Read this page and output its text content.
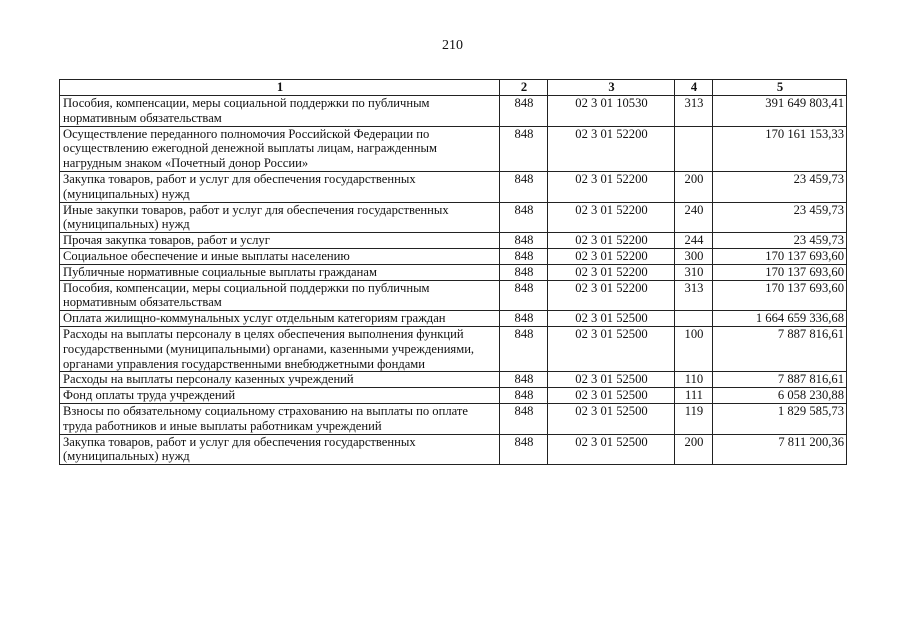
210
1	2	3	4	5
Пособия, компенсации, меры социальной поддержки по публичным нормативным обязательствам	848	02 3 01 10530	313	391 649 803,41
Осуществление переданного полномочия Российской Федерации по осуществлению ежегодной денежной выплаты лицам, награжденным нагрудным знаком «Почетный донор России»	848	02 3 01 52200		170 161 153,33
Закупка товаров, работ и услуг для обеспечения государственных (муниципальных) нужд	848	02 3 01 52200	200	23 459,73
Иные закупки товаров, работ и услуг для обеспечения государственных (муниципальных) нужд	848	02 3 01 52200	240	23 459,73
Прочая закупка товаров, работ и услуг	848	02 3 01 52200	244	23 459,73
Социальное обеспечение и иные выплаты населению	848	02 3 01 52200	300	170 137 693,60
Публичные нормативные социальные выплаты гражданам	848	02 3 01 52200	310	170 137 693,60
Пособия, компенсации, меры социальной поддержки по публичным нормативным обязательствам	848	02 3 01 52200	313	170 137 693,60
Оплата жилищно-коммунальных услуг отдельным категориям граждан	848	02 3 01 52500		1 664 659 336,68
Расходы на выплаты персоналу в целях обеспечения выполнения функций государственными (муниципальными) органами, казенными учреждениями, органами управления государственными внебюджетными фондами	848	02 3 01 52500	100	7 887 816,61
Расходы на выплаты персоналу казенных учреждений	848	02 3 01 52500	110	7 887 816,61
Фонд оплаты труда учреждений	848	02 3 01 52500	111	6 058 230,88
Взносы по обязательному социальному страхованию на выплаты по оплате труда работников и иные выплаты работникам учреждений	848	02 3 01 52500	119	1 829 585,73
Закупка товаров, работ и услуг для обеспечения государственных (муниципальных) нужд	848	02 3 01 52500	200	7 811 200,36
